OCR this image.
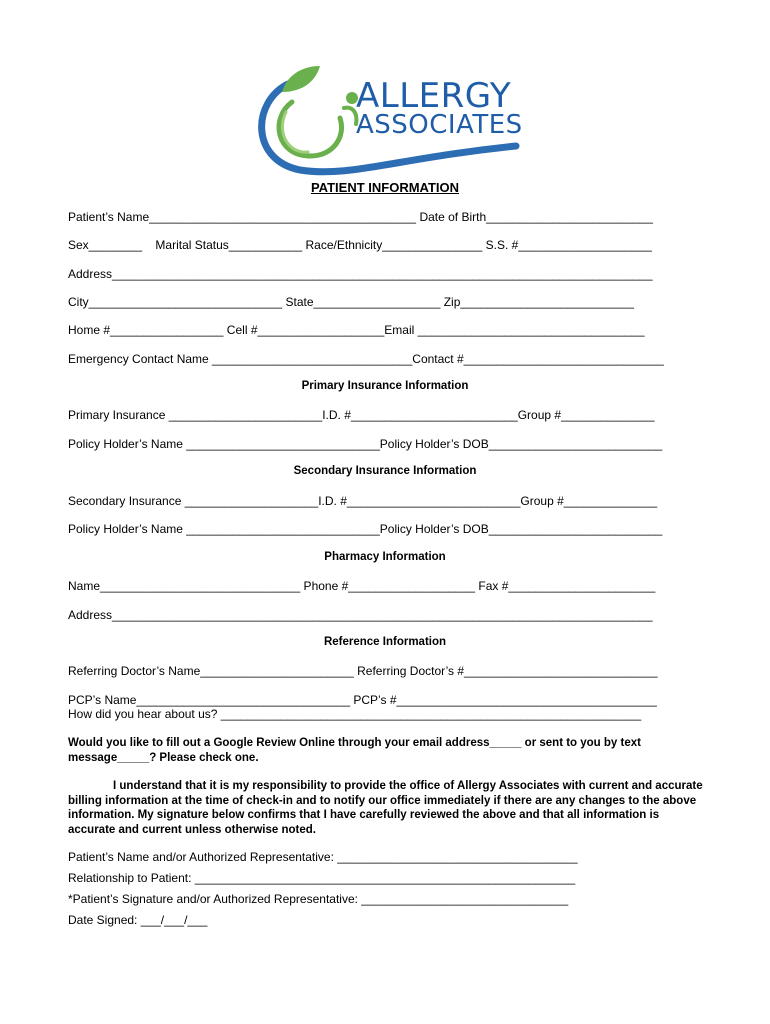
ALLERGY
ASSOCIATES
PATIENT INFORMATION
Patient’s Name________________________________________ Date of Birth_________________________
Sex________    Marital Status___________ Race/Ethnicity_______________ S.S. #____________________
Address_________________________________________________________________________________
City_____________________________ State___________________ Zip__________________________
Home #_________________ Cell #___________________Email __________________________________
Emergency Contact Name ______________________________Contact #______________________________
Primary Insurance Information
Primary Insurance _______________________I.D. #_________________________Group #______________
Policy Holder’s Name _____________________________Policy Holder’s DOB__________________________
Secondary Insurance Information
Secondary Insurance ____________________I.D. #__________________________Group #______________
Policy Holder’s Name _____________________________Policy Holder’s DOB__________________________
Pharmacy Information
Name______________________________ Phone #___________________ Fax #______________________
Address_________________________________________________________________________________
Reference Information
Referring Doctor’s Name_______________________ Referring Doctor’s #_____________________________
PCP’s Name________________________________ PCP’s #_______________________________________
How did you hear about us? _______________________________________________________________
Would you like to fill out a Google Review Online through your email address_____ or sent to you by text message_____? Please check one.
I understand that it is my responsibility to provide the office of Allergy Associates with current and accurate billing information at the time of check-in and to notify our office immediately if there are any changes to the above information. My signature below confirms that I have carefully reviewed the above and that all information is accurate and current unless otherwise noted.
Patient’s Name and/or Authorized Representative: ____________________________________
Relationship to Patient: _________________________________________________________
*Patient’s Signature and/or Authorized Representative: _______________________________
Date Signed: ___/___/___
